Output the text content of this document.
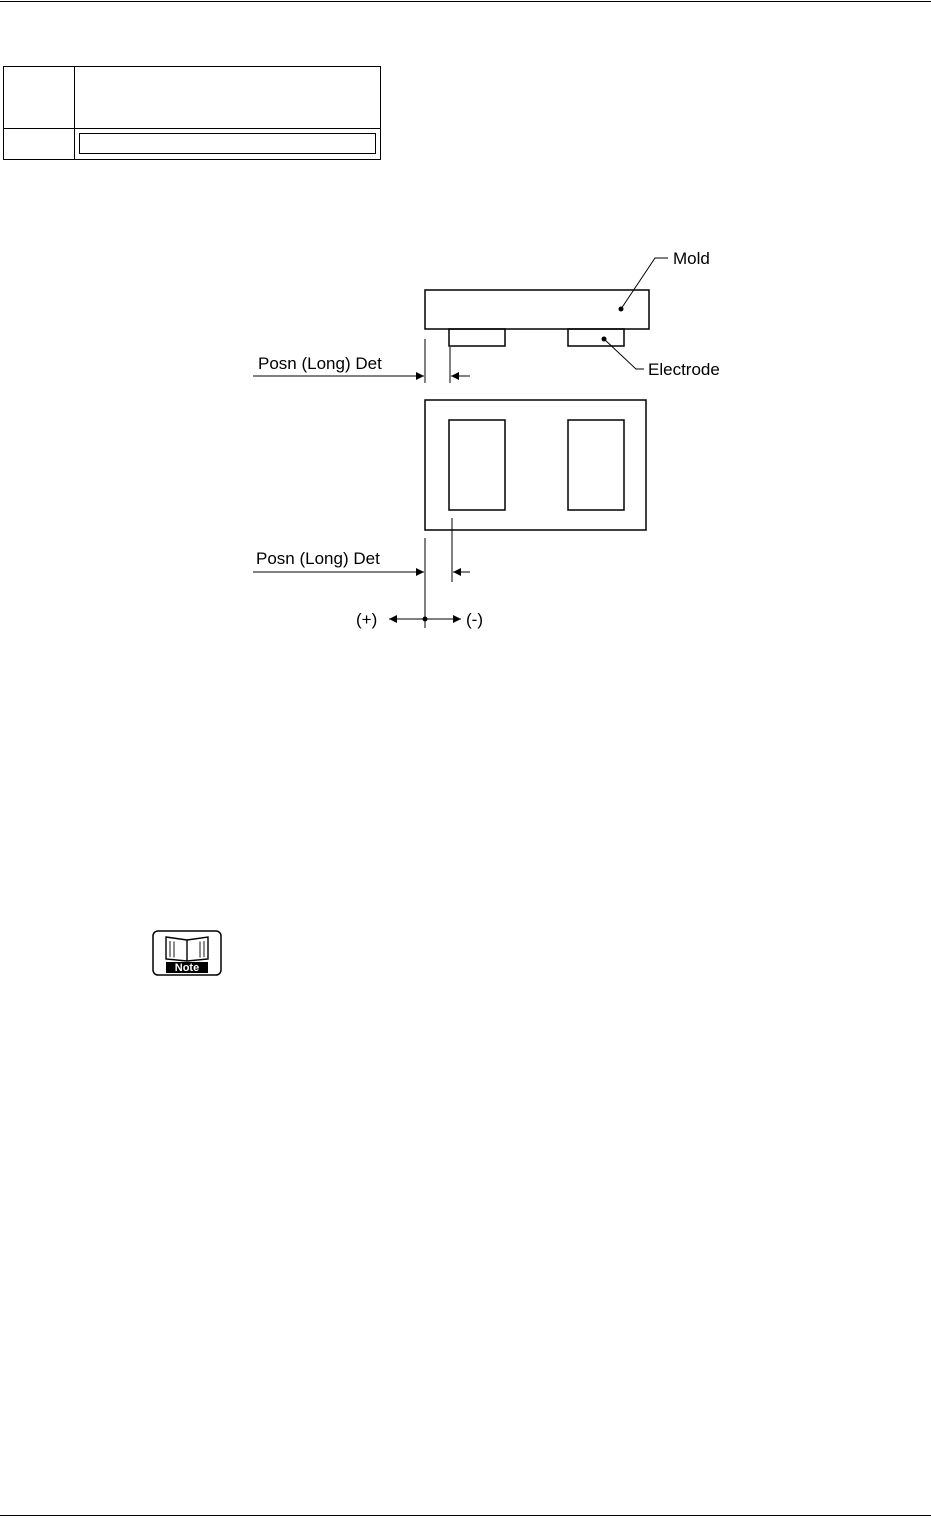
Mold
Electrode
Posn (Long) Det
Posn (Long) Det
(+)	(-)
Note
